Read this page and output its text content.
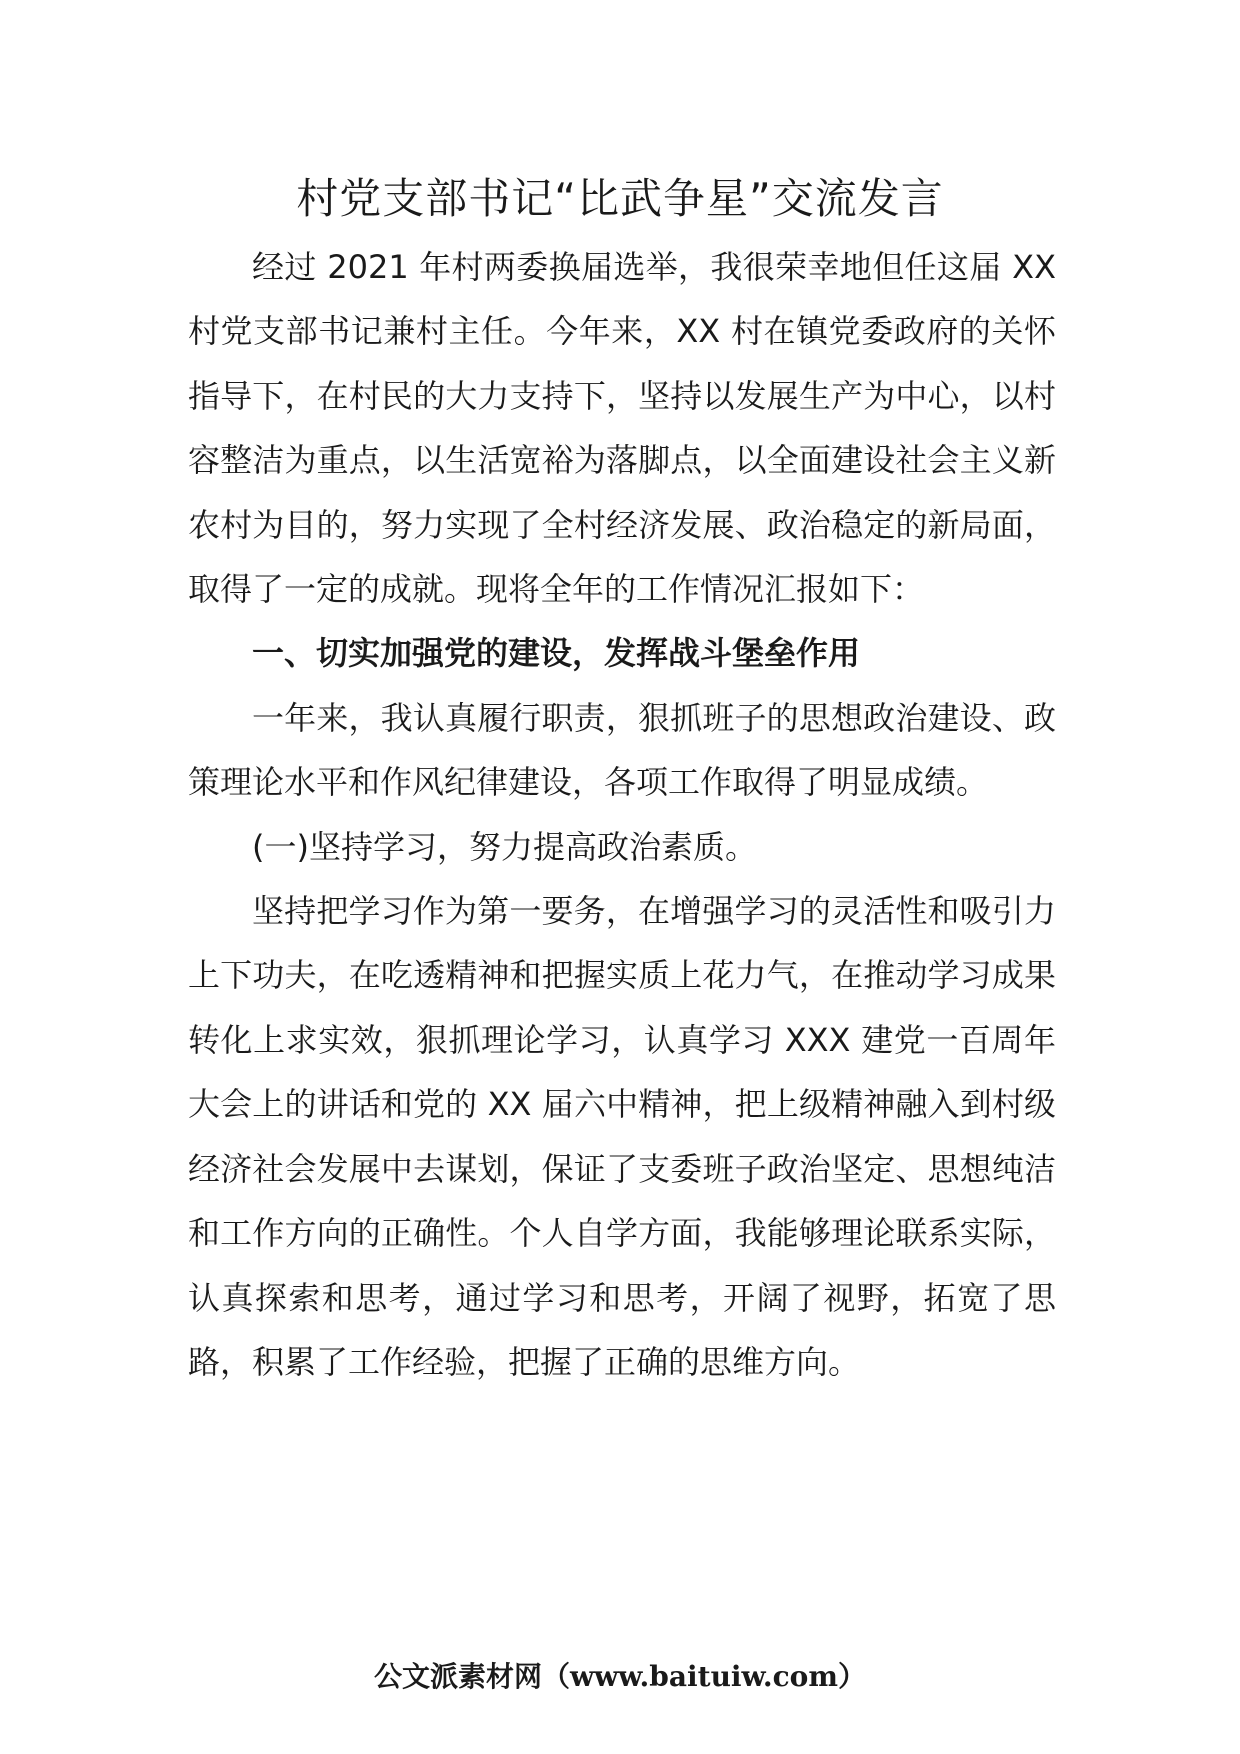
村党支部书记“比武争星”交流发言

经过 2021 年村两委换届选举，我很荣幸地但任这届 XX 村党支部书记兼村主任。今年来，XX 村在镇党委政府的关怀指导下，在村民的大力支持下，坚持以发展生产为中心，以村容整洁为重点，以生活宽裕为落脚点，以全面建设社会主义新农村为目的，努力实现了全村经济发展、政治稳定的新局面，取得了一定的成就。现将全年的工作情况汇报如下：

一、切实加强党的建设，发挥战斗堡垒作用

一年来，我认真履行职责，狠抓班子的思想政治建设、政策理论水平和作风纪律建设，各项工作取得了明显成绩。

(一)坚持学习，努力提高政治素质。

坚持把学习作为第一要务，在增强学习的灵活性和吸引力上下功夫，在吃透精神和把握实质上花力气，在推动学习成果转化上求实效，狠抓理论学习，认真学习 XXX 建党一百周年大会上的讲话和党的 XX 届六中精神，把上级精神融入到村级经济社会发展中去谋划，保证了支委班子政治坚定、思想纯洁和工作方向的正确性。个人自学方面，我能够理论联系实际，认真探索和思考，通过学习和思考，开阔了视野，拓宽了思路，积累了工作经验，把握了正确的思维方向。

公文派素材网（www.baituiw.com）
